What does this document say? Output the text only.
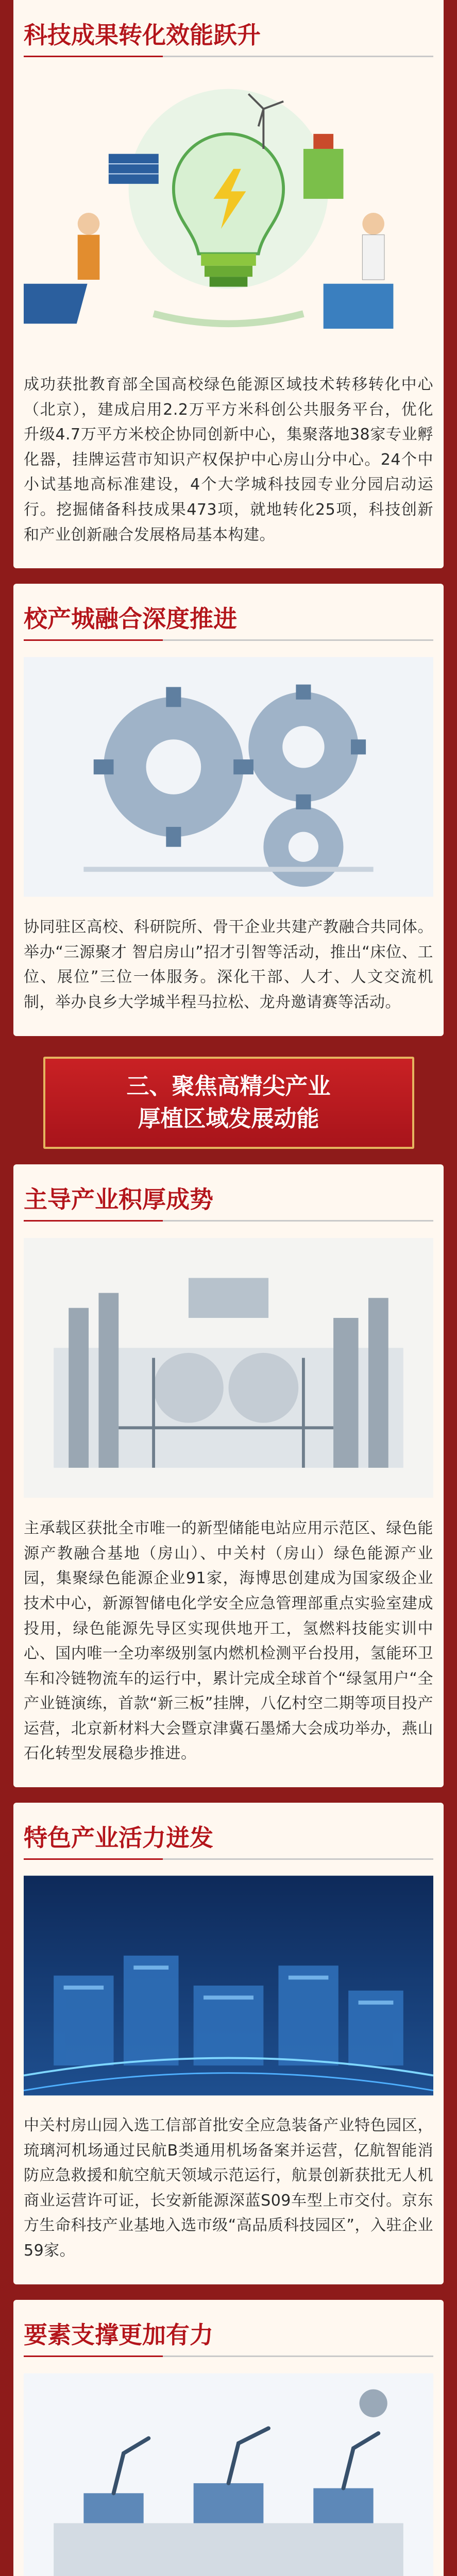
科技成果转化效能跃升
成功获批教育部全国高校绿色能源区域技术转移转化中心（北京），建成启用2.2万平方米科创公共服务平台，优化升级4.7万平方米校企协同创新中心，集聚落地38家专业孵化器，挂牌运营市知识产权保护中心房山分中心。24个中小试基地高标准建设，4个大学城科技园专业分园启动运行。挖掘储备科技成果473项，就地转化25项，科技创新和产业创新融合发展格局基本构建。
校产城融合深度推进
协同驻区高校、科研院所、骨干企业共建产教融合共同体。举办“三源聚才 智启房山”招才引智等活动，推出“床位、工位、展位”三位一体服务。深化干部、人才、人文交流机制，举办良乡大学城半程马拉松、龙舟邀请赛等活动。
三、聚焦高精尖产业
厚植区域发展动能
主导产业积厚成势
主承载区获批全市唯一的新型储能电站应用示范区、绿色能源产教融合基地（房山）、中关村（房山）绿色能源产业园，集聚绿色能源企业91家，海博思创建成为国家级企业技术中心，新源智储电化学安全应急管理部重点实验室建成投用，绿色能源先导区实现供地开工，氢燃料技能实训中心、国内唯一全功率级别氢内燃机检测平台投用，氢能环卫车和冷链物流车的运行中，累计完成全球首个“绿氢用户“全产业链演练，首款“新三板”挂牌，八亿村空二期等项目投产运营，北京新材料大会暨京津冀石墨烯大会成功举办，燕山石化转型发展稳步推进。
特色产业活力迸发
中关村房山园入选工信部首批安全应急装备产业特色园区，琉璃河机场通过民航B类通用机场备案并运营，亿航智能消防应急救援和航空航天领域示范运行，航景创新获批无人机商业运营许可证，长安新能源深蓝S09车型上市交付。京东方生命科技产业基地入选市级“高品质科技园区”，入驻企业59家。
要素支撑更加有力
